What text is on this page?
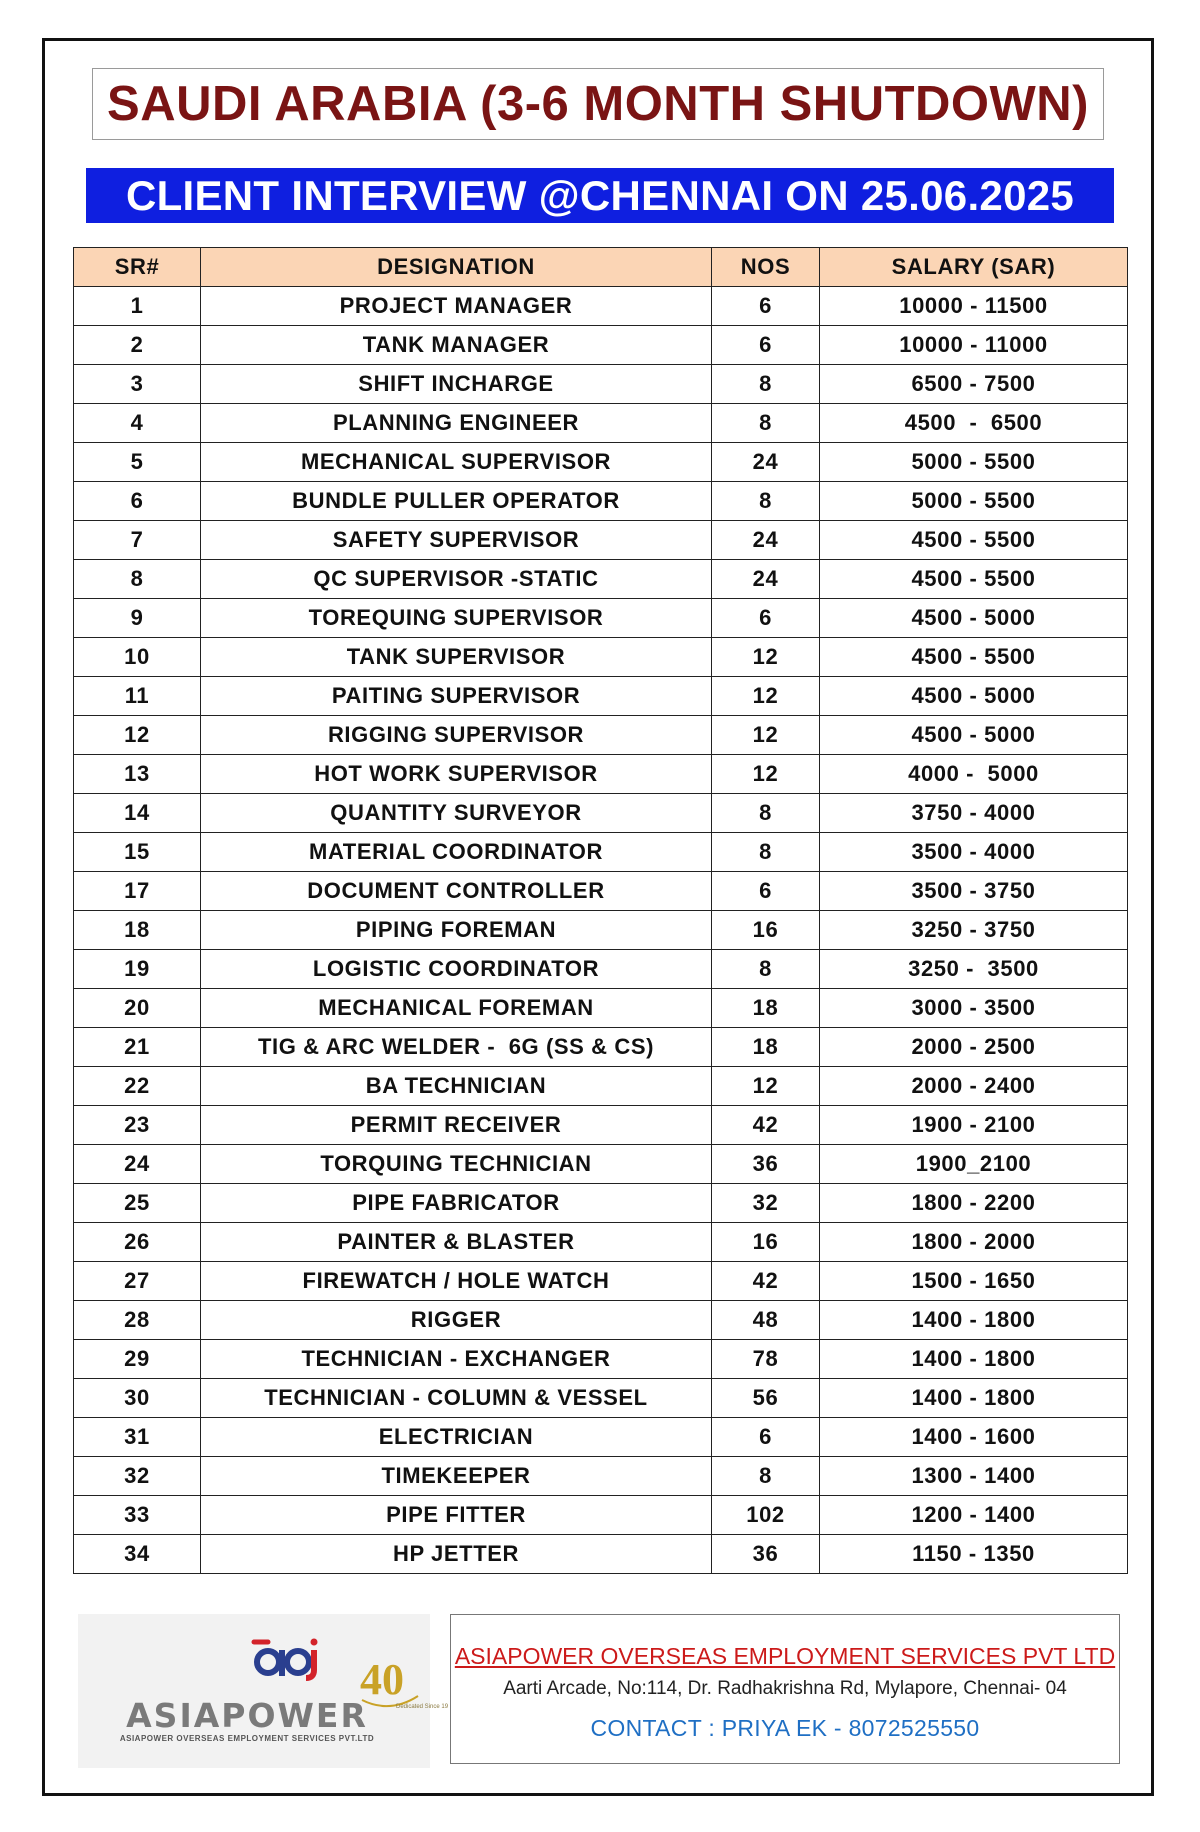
SAUDI ARABIA (3-6 MONTH SHUTDOWN)
CLIENT INTERVIEW @CHENNAI ON 25.06.2025
SR#	DESIGNATION	NOS	SALARY (SAR)
1	PROJECT MANAGER	6	10000 - 11500
2	TANK MANAGER	6	10000 - 11000
3	SHIFT INCHARGE	8	6500 - 7500
4	PLANNING ENGINEER	8	4500  -  6500
5	MECHANICAL SUPERVISOR	24	5000 - 5500
6	BUNDLE PULLER OPERATOR	8	5000 - 5500
7	SAFETY SUPERVISOR	24	4500 - 5500
8	QC SUPERVISOR -STATIC	24	4500 - 5500
9	TOREQUING SUPERVISOR	6	4500 - 5000
10	TANK SUPERVISOR	12	4500 - 5500
11	PAITING SUPERVISOR	12	4500 - 5000
12	RIGGING SUPERVISOR	12	4500 - 5000
13	HOT WORK SUPERVISOR	12	4000 -  5000
14	QUANTITY SURVEYOR	8	3750 - 4000
15	MATERIAL COORDINATOR	8	3500 - 4000
17	DOCUMENT CONTROLLER	6	3500 - 3750
18	PIPING FOREMAN	16	3250 - 3750
19	LOGISTIC COORDINATOR	8	3250 -  3500
20	MECHANICAL FOREMAN	18	3000 - 3500
21	TIG & ARC WELDER -  6G (SS & CS)	18	2000 - 2500
22	BA TECHNICIAN	12	2000 - 2400
23	PERMIT RECEIVER	42	1900 - 2100
24	TORQUING TECHNICIAN	36	1900_2100
25	PIPE FABRICATOR	32	1800 - 2200
26	PAINTER & BLASTER	16	1800 - 2000
27	FIREWATCH / HOLE WATCH	42	1500 - 1650
28	RIGGER	48	1400 - 1800
29	TECHNICIAN - EXCHANGER	78	1400 - 1800
30	TECHNICIAN - COLUMN & VESSEL	56	1400 - 1800
31	ELECTRICIAN	6	1400 - 1600
32	TIMEKEEPER	8	1300 - 1400
33	PIPE FITTER	102	1200 - 1400
34	HP JETTER	36	1150 - 1350
ASIAPOWER
ASIAPOWER OVERSEAS EMPLOYMENT SERVICES PVT.LTD
40
Dedicated Since 19
ASIAPOWER OVERSEAS EMPLOYMENT SERVICES PVT LTD
Aarti Arcade, No:114, Dr. Radhakrishna Rd, Mylapore, Chennai- 04
CONTACT : PRIYA EK - 8072525550
